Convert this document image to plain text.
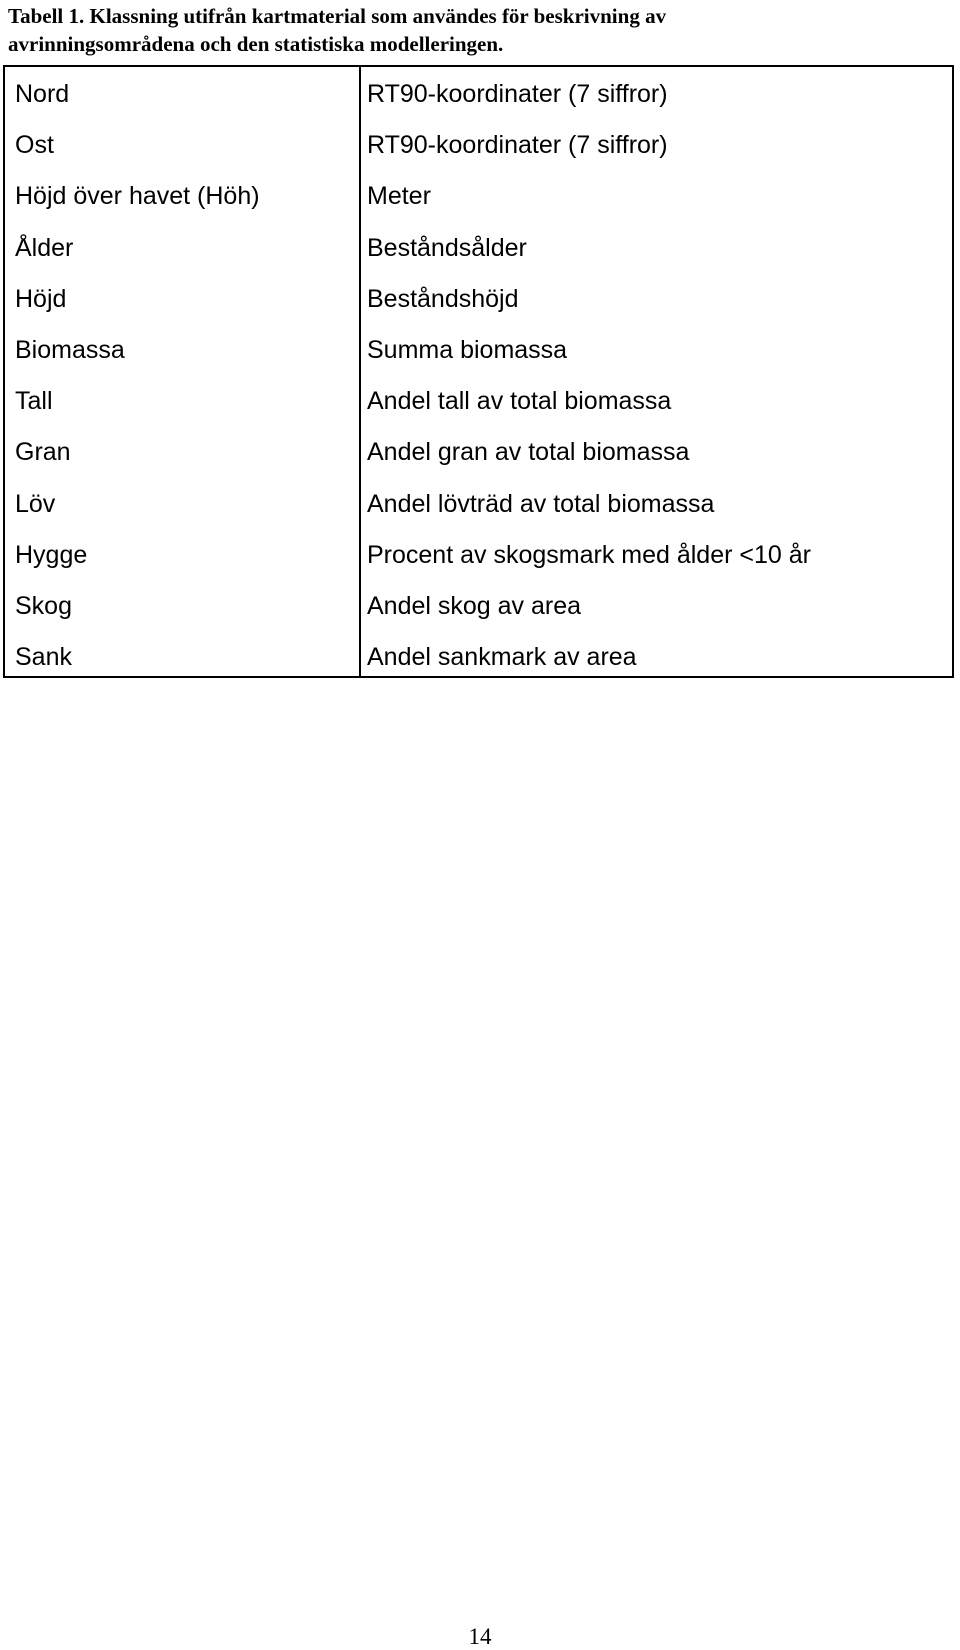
Tabell 1. Klassning utifrån kartmaterial som användes för beskrivning av
avrinningsområdena och den statistiska modelleringen.
Nord	RT90-koordinater (7 siffror)
Ost	RT90-koordinater (7 siffror)
Höjd över havet (Höh)	Meter
Ålder	Beståndsålder
Höjd	Beståndshöjd
Biomassa	Summa biomassa
Tall	Andel tall av total biomassa
Gran	Andel gran av total biomassa
Löv	Andel lövträd av total biomassa
Hygge	Procent av skogsmark med ålder <10 år
Skog	Andel skog av area
Sank	Andel sankmark av area
14
